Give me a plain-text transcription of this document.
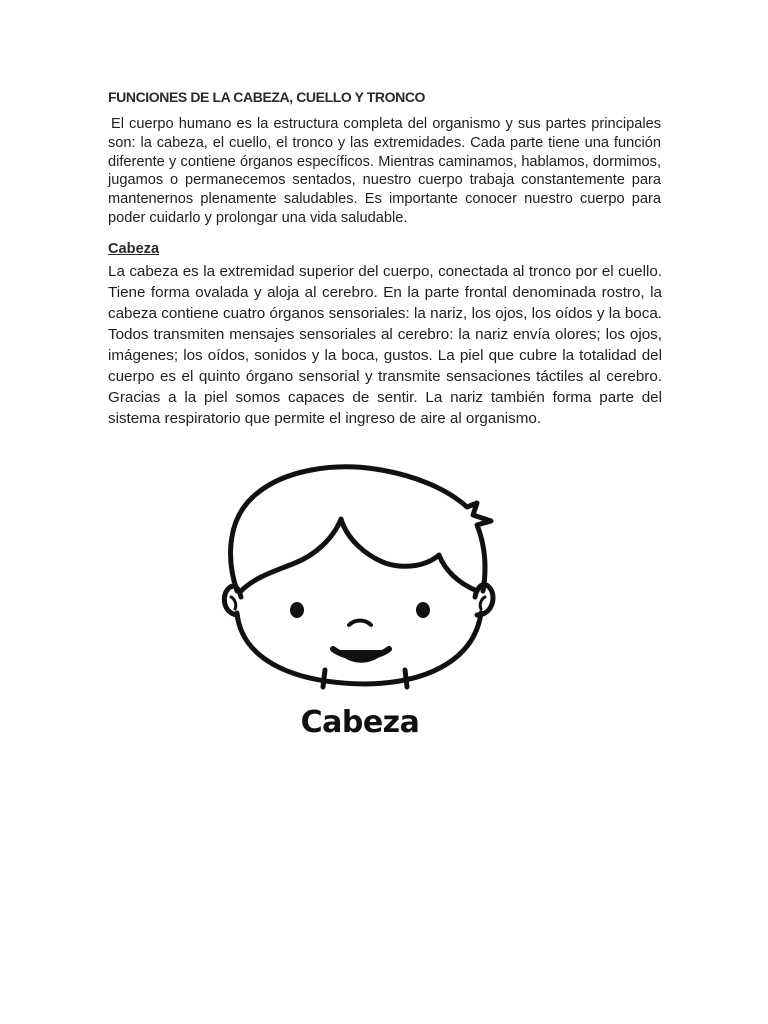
FUNCIONES DE LA CABEZA, CUELLO Y TRONCO
El cuerpo humano es la estructura completa del organismo y sus partes principales son: la cabeza, el cuello, el tronco y las extremidades. Cada parte tiene una función diferente y contiene órganos específicos. Mientras caminamos, hablamos, dormimos, jugamos o permanecemos sentados, nuestro cuerpo trabaja constantemente para mantenernos plenamente saludables. Es importante conocer nuestro cuerpo para poder cuidarlo y prolongar una vida saludable.
Cabeza
La cabeza es la extremidad superior del cuerpo, conectada al tronco por el cuello. Tiene forma ovalada y aloja al cerebro. En la parte frontal denominada rostro, la cabeza contiene cuatro órganos sensoriales: la nariz, los ojos, los oídos y la boca. Todos transmiten mensajes sensoriales al cerebro: la nariz envía olores; los ojos, imágenes; los oídos, sonidos y la boca, gustos. La piel que cubre la totalidad del cuerpo es el quinto órgano sensorial y transmite sensaciones táctiles al cerebro. Gracias a la piel somos capaces de sentir. La nariz también forma parte del sistema respiratorio que permite el ingreso de aire al organismo.
Cabeza
